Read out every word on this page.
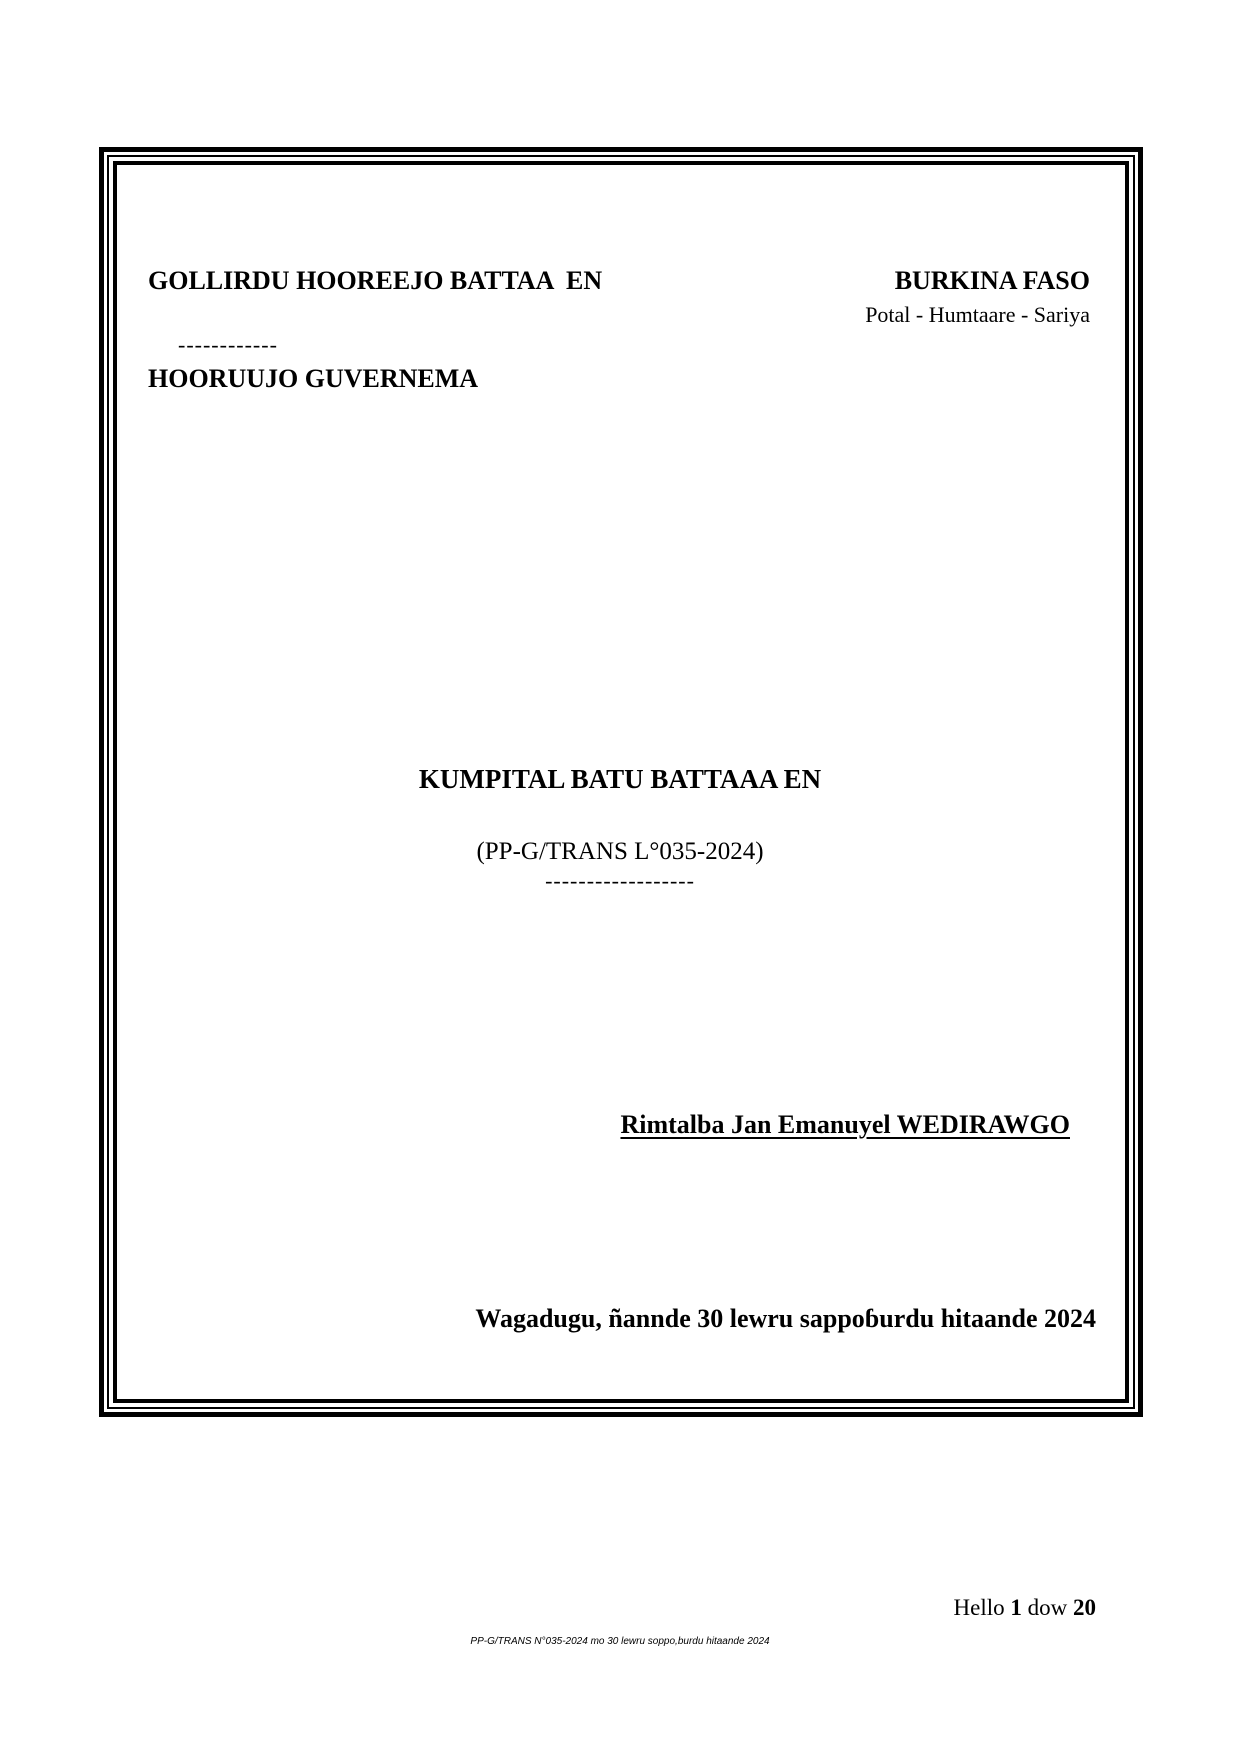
GOLLIRDU HOOREEJO BATTAA  EN	BURKINA FASO
Potal - Humtaare - Sariya
------------
HOORUUJO GUVERNEMA
KUMPITAL BATU BATTAAA EN
(PP-G/TRANS L°035-2024)
------------------
Rimtalba Jan Emanuyel WEDIRAWGO
Wagadugu, ñannde 30 lewru sappoɓurdu hitaande 2024
Hello 1 dow 20
PP-G/TRANS N°035-2024 mo 30 lewru soppo,burdu hitaande 2024
